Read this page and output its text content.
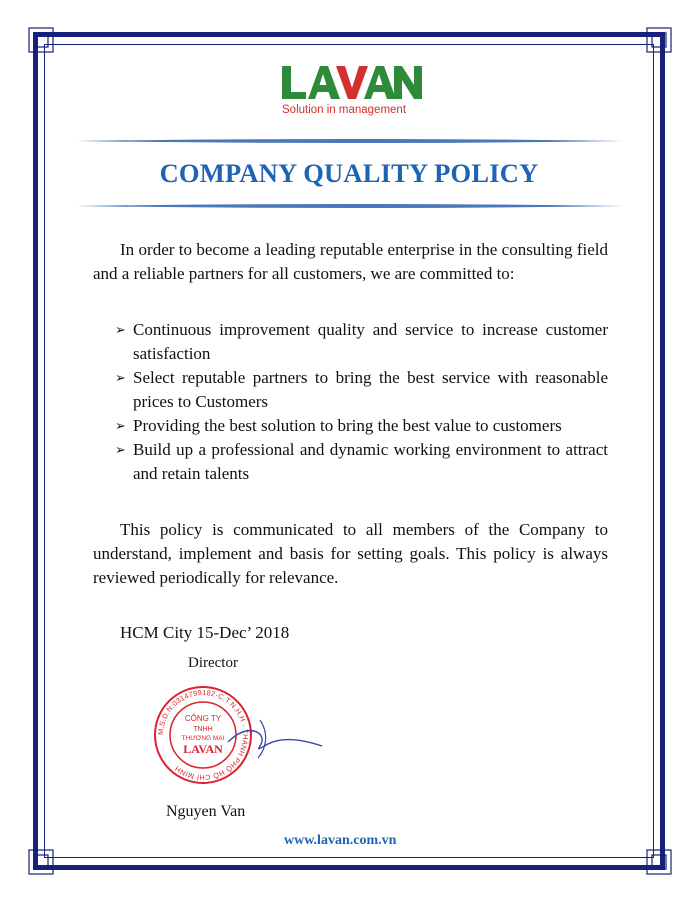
Solution in management
COMPANY QUALITY POLICY

In order to become a leading reputable enterprise in the consulting field and a reliable partners for all customers, we are committed to:

➢ Continuous improvement quality and service to increase customer satisfaction
➢ Select reputable partners to bring the best service with reasonable prices to Customers
➢ Providing the best solution to bring the best value to customers
➢ Build up a professional and dynamic working environment to attract and retain talents

This policy is communicated to all members of the Company to understand, implement and basis for setting goals. This policy is always reviewed periodically for relevance.

HCM City 15-Dec’ 2018
Director
M.S.D.N:0314799182-C.T.N.H.H - THÀNH PHỐ HỒ CHÍ MINH
CÔNG TY
TNHH
THƯƠNG MẠI
LAVAN
Nguyen Van
www.lavan.com.vn
